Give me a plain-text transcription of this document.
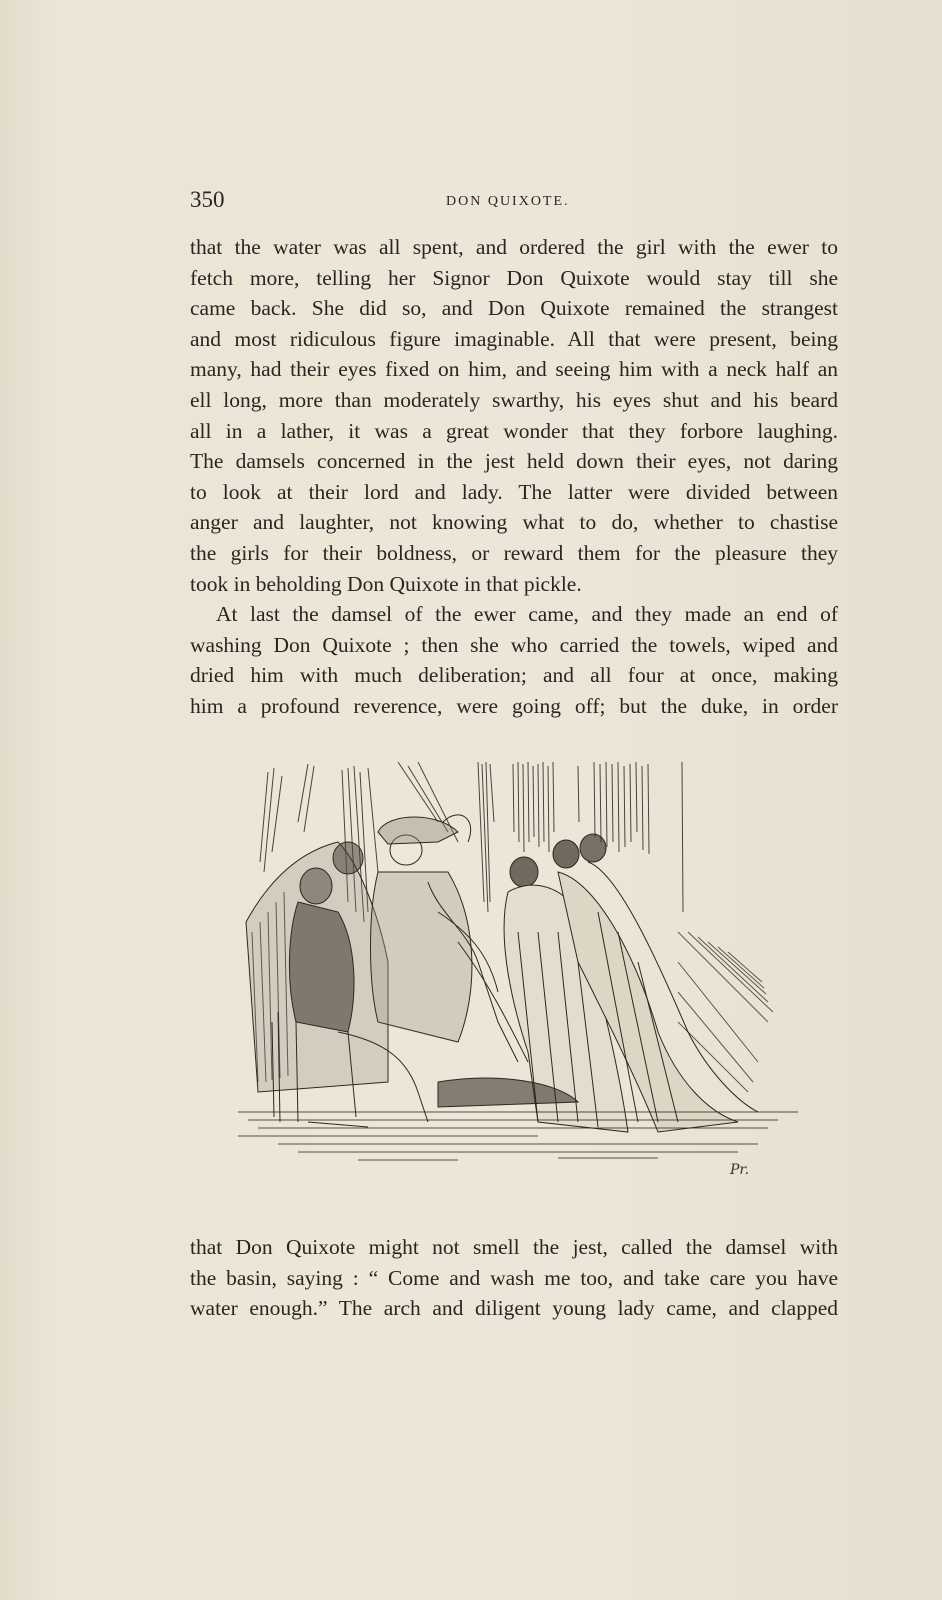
350	DON QUIXOTE.
that the water was all spent, and ordered the girl with the ewer to
fetch more, telling her Signor Don Quixote would stay till she
came back. She did so, and Don Quixote remained the strangest
and most ridiculous figure imaginable. All that were present, being
many, had their eyes fixed on him, and seeing him with a neck half an
ell long, more than moderately swarthy, his eyes shut and his beard
all in a lather, it was a great wonder that they forbore laughing.
The damsels concerned in the jest held down their eyes, not daring
to look at their lord and lady. The latter were divided between
anger and laughter, not knowing what to do, whether to chastise
the girls for their boldness, or reward them for the pleasure they
took in beholding Don Quixote in that pickle.
At last the damsel of the ewer came, and they made an end of
washing Don Quixote ; then she who carried the towels, wiped and
dried him with much deliberation; and all four at once, making
him a profound reverence, were going off; but the duke, in order
Pr.
that Don Quixote might not smell the jest, called the damsel with
the basin, saying : “ Come and wash me too, and take care you have
water enough.” The arch and diligent young lady came, and clapped
